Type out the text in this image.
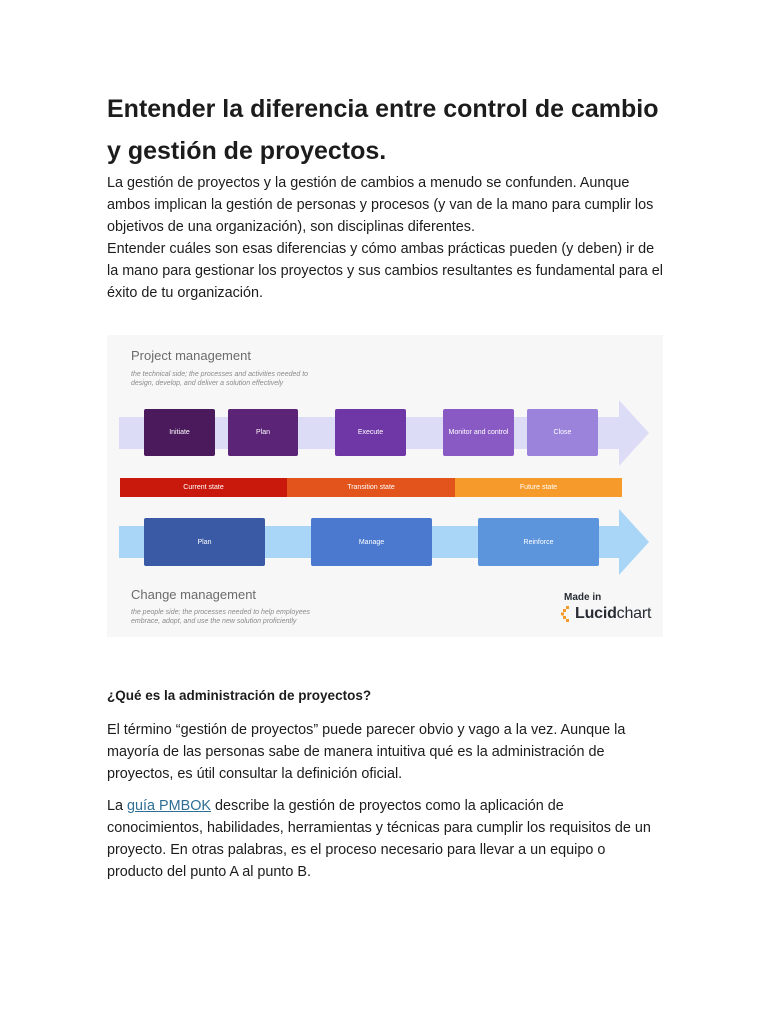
Entender la diferencia entre control de cambio y gestión de proyectos.

La gestión de proyectos y la gestión de cambios a menudo se confunden. Aunque ambos implican la gestión de personas y procesos (y van de la mano para cumplir los objetivos de una organización), son disciplinas diferentes.

Entender cuáles son esas diferencias y cómo ambas prácticas pueden (y deben) ir de la mano para gestionar los proyectos y sus cambios resultantes es fundamental para el éxito de tu organización.

Project management
the technical side; the processes and activities needed to design, develop, and deliver a solution effectively
Initiate	Plan	Execute	Monitor and control	Close
Current state	Transition state	Future state
Plan	Manage	Reinforce
Change management
the people side; the processes needed to help employees embrace, adopt, and use the new solution proficiently
Made in
Lucidchart
¿Qué es la administración de proyectos?

El término “gestión de proyectos” puede parecer obvio y vago a la vez. Aunque la mayoría de las personas sabe de manera intuitiva qué es la administración de proyectos, es útil consultar la definición oficial.

La guía PMBOK describe la gestión de proyectos como la aplicación de conocimientos, habilidades, herramientas y técnicas para cumplir los requisitos de un proyecto. En otras palabras, es el proceso necesario para llevar a un equipo o producto del punto A al punto B.
